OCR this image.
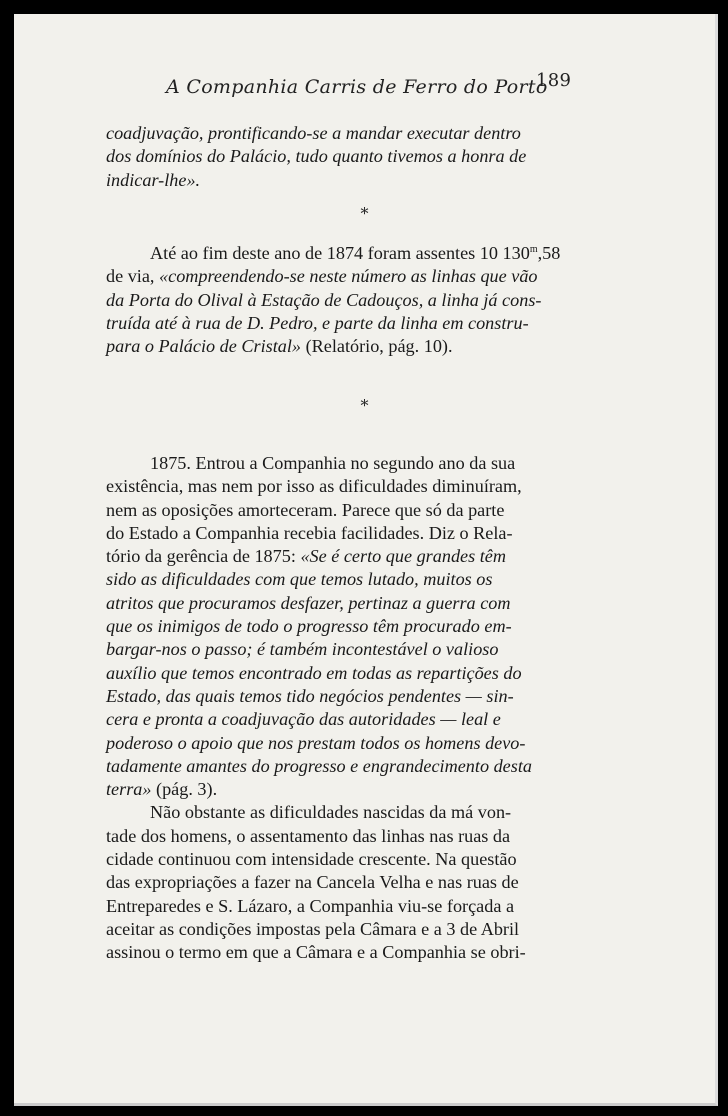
A Companhia Carris de Ferro do Porto
189
coadjuvação, prontificando-se a mandar executar dentro
dos domínios do Palácio, tudo quanto tivemos a honra de
indicar-lhe».
*
Até ao fim deste ano de 1874 foram assentes 10 130$^m$,58
de via, «compreendendo-se neste número as linhas que vão
da Porta do Olival à Estação de Cadouços, a linha já cons-
truída até à rua de D. Pedro, e parte da linha em constru-
para o Palácio de Cristal» (Relatório, pág. 10).
*
1875. Entrou a Companhia no segundo ano da sua
existência, mas nem por isso as dificuldades diminuíram,
nem as oposições amorteceram. Parece que só da parte
do Estado a Companhia recebia facilidades. Diz o Rela-
tório da gerência de 1875: «Se é certo que grandes têm
sido as dificuldades com que temos lutado, muitos os
atritos que procuramos desfazer, pertinaz a guerra com
que os inimigos de todo o progresso têm procurado em-
bargar-nos o passo; é também incontestável o valioso
auxílio que temos encontrado em todas as repartições do
Estado, das quais temos tido negócios pendentes — sin-
cera e pronta a coadjuvação das autoridades — leal e
poderoso o apoio que nos prestam todos os homens devo-
tadamente amantes do progresso e engrandecimento desta
terra» (pág. 3).
Não obstante as dificuldades nascidas da má von-
tade dos homens, o assentamento das linhas nas ruas da
cidade continuou com intensidade crescente. Na questão
das expropriações a fazer na Cancela Velha e nas ruas de
Entreparedes e S. Lázaro, a Companhia viu-se forçada a
aceitar as condições impostas pela Câmara e a 3 de Abril
assinou o termo em que a Câmara e a Companhia se obri-
